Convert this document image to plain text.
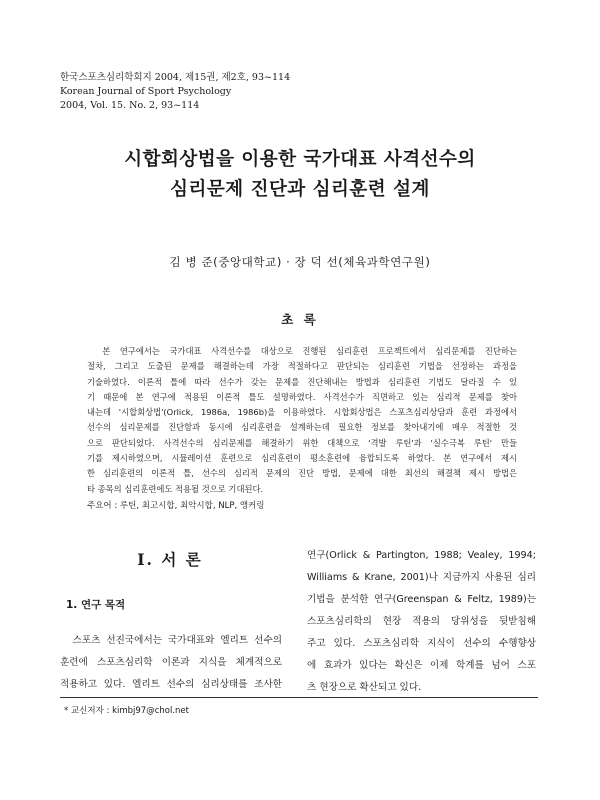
한국스포츠심리학회지 2004, 제15권, 제2호, 93~114
Korean Journal of Sport Psychology
2004, Vol. 15. No. 2, 93~114
시합회상법을 이용한 국가대표 사격선수의
심리문제 진단과 심리훈련 설계
김 병 준(중앙대학교) · 장 덕 선(체육과학연구원)
초 록
　본 연구에서는 국가대표 사격선수를 대상으로 진행된 심리훈련 프로젝트에서 심리문제를 진단하는
절차, 그리고 도출된 문제를 해결하는데 가장 적절하다고 판단되는 심리훈련 기법을 선정하는 과정을
기술하였다. 이론적 틀에 따라 선수가 갖는 문제를 진단해내는 방법과 심리훈련 기법도 달라질 수 있
기 때문에 본 연구에 적용된 이론적 틀도 설명하였다. 사격선수가 직면하고 있는 심리적 문제를 찾아
내는데 '시합회상법'(Orlick, 1986a, 1986b)을 이용하였다. 시합회상법은 스포츠심리상담과 훈련 과정에서
선수의 심리문제를 진단함과 동시에 심리훈련을 설계하는데 필요한 정보를 찾아내기에 매우 적절한 것
으로 판단되었다. 사격선수의 심리문제를 해결하기 위한 대책으로 '격발 루틴'과 '실수극복 루틴' 만들
기를 제시하였으며, 시뮬레이션 훈련으로 심리훈련이 평소훈련에 융합되도록 하였다. 본 연구에서 제시
한 심리훈련의 이론적 틀, 선수의 심리적 문제의 진단 방법, 문제에 대한 최선의 해결책 제시 방법은
타 종목의 심리훈련에도 적용될 것으로 기대된다.
주요어 : 루틴, 최고시합, 최악시합, NLP, 앵커링
I. 서 론
1. 연구 목적
　스포츠 선진국에서는 국가대표와 엘리트 선수의
훈련에 스포츠심리학 이론과 지식을 체계적으로
적용하고 있다. 엘리트 선수의 심리상태를 조사한
연구(Orlick & Partington, 1988; Vealey, 1994;
Williams & Krane, 2001)나 지금까지 사용된 심리
기법을 분석한 연구(Greenspan & Feltz, 1989)는
스포츠심리학의 현장 적용의 당위성을 뒷받침해
주고 있다. 스포츠심리학 지식이 선수의 수행향상
에 효과가 있다는 확신은 이제 학계를 넘어 스포
츠 현장으로 확산되고 있다.
* 교신저자 : kimbj97@chol.net
